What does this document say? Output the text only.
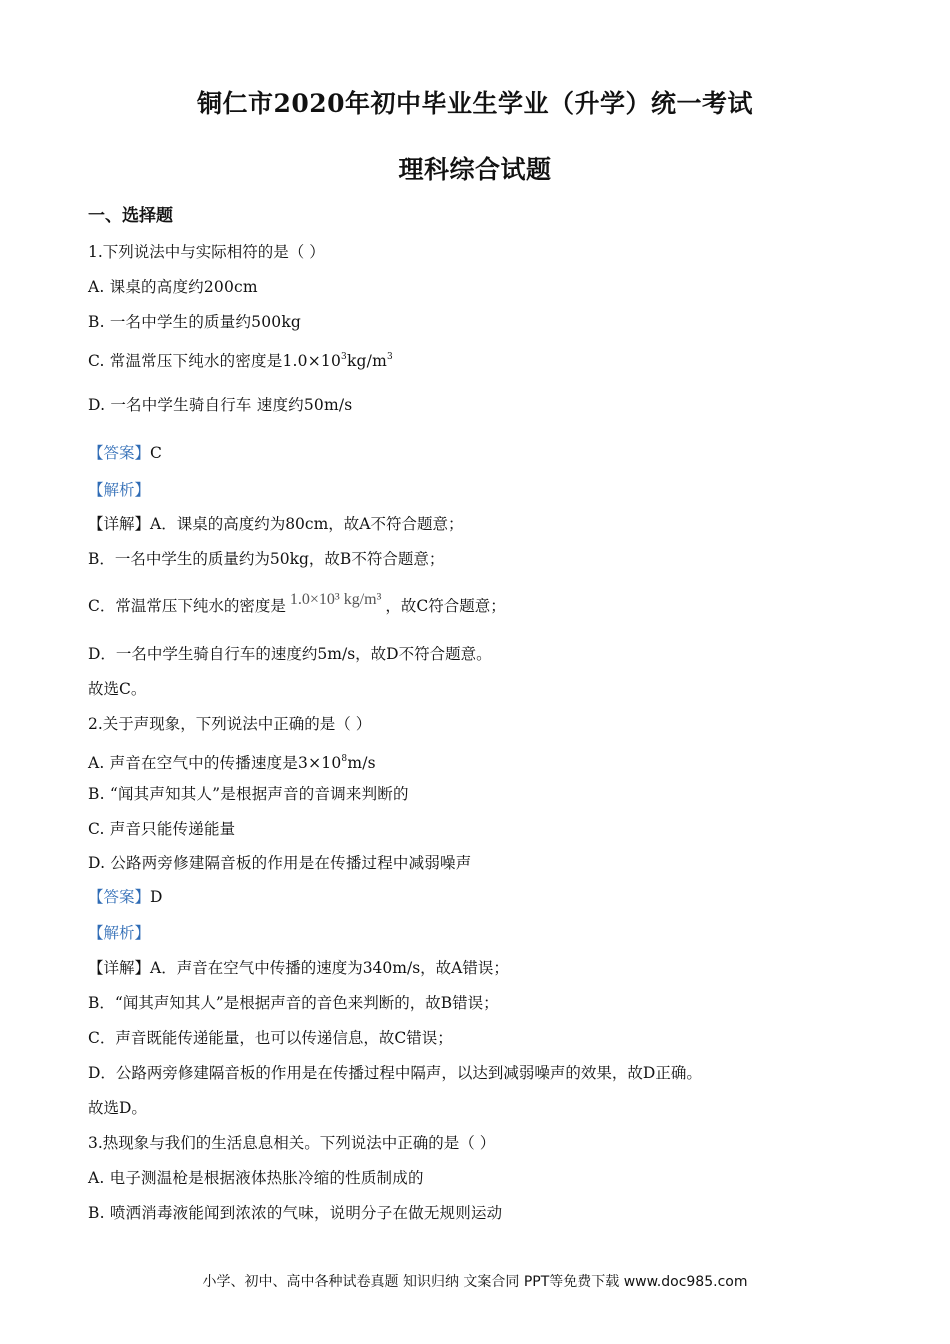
铜仁市2020年初中毕业生学业（升学）统一考试
理科综合试题
一、选择题
1.下列说法中与实际相符的是（ ）
A. 课桌的高度约200cm
B. 一名中学生的质量约500kg
C. 常温常压下纯水的密度是$1.0\times 10^3kg/m^3$
D. 一名中学生骑自行车 速度约50m/s
【答案】C
【解析】
【详解】A．课桌的高度约为80cm，故A不符合题意；
B．一名中学生的质量约为50kg，故B不符合题意；
C．常温常压下纯水的密度是 1.0×10³ kg/m³ ，故C符合题意；
D．一名中学生骑自行车的速度约5m/s，故D不符合题意。
故选C。
2.关于声现象，下列说法中正确的是（ ）
A. 声音在空气中的传播速度是$3\times 10^8m/s$
B. “闻其声知其人”是根据声音的音调来判断的
C. 声音只能传递能量
D. 公路两旁修建隔音板的作用是在传播过程中减弱噪声
【答案】D
【解析】
【详解】A．声音在空气中传播的速度为340m/s，故A错误；
B．“闻其声知其人”是根据声音的音色来判断的，故B错误；
C．声音既能传递能量，也可以传递信息，故C错误；
D．公路两旁修建隔音板的作用是在传播过程中隔声，以达到减弱噪声的效果，故D正确。
故选D。
3.热现象与我们的生活息息相关。下列说法中正确的是（ ）
A. 电子测温枪是根据液体热胀冷缩的性质制成的
B. 喷洒消毒液能闻到浓浓的气味，说明分子在做无规则运动
小学、初中、高中各种试卷真题 知识归纳 文案合同 PPT等免费下载 www.doc985.com
